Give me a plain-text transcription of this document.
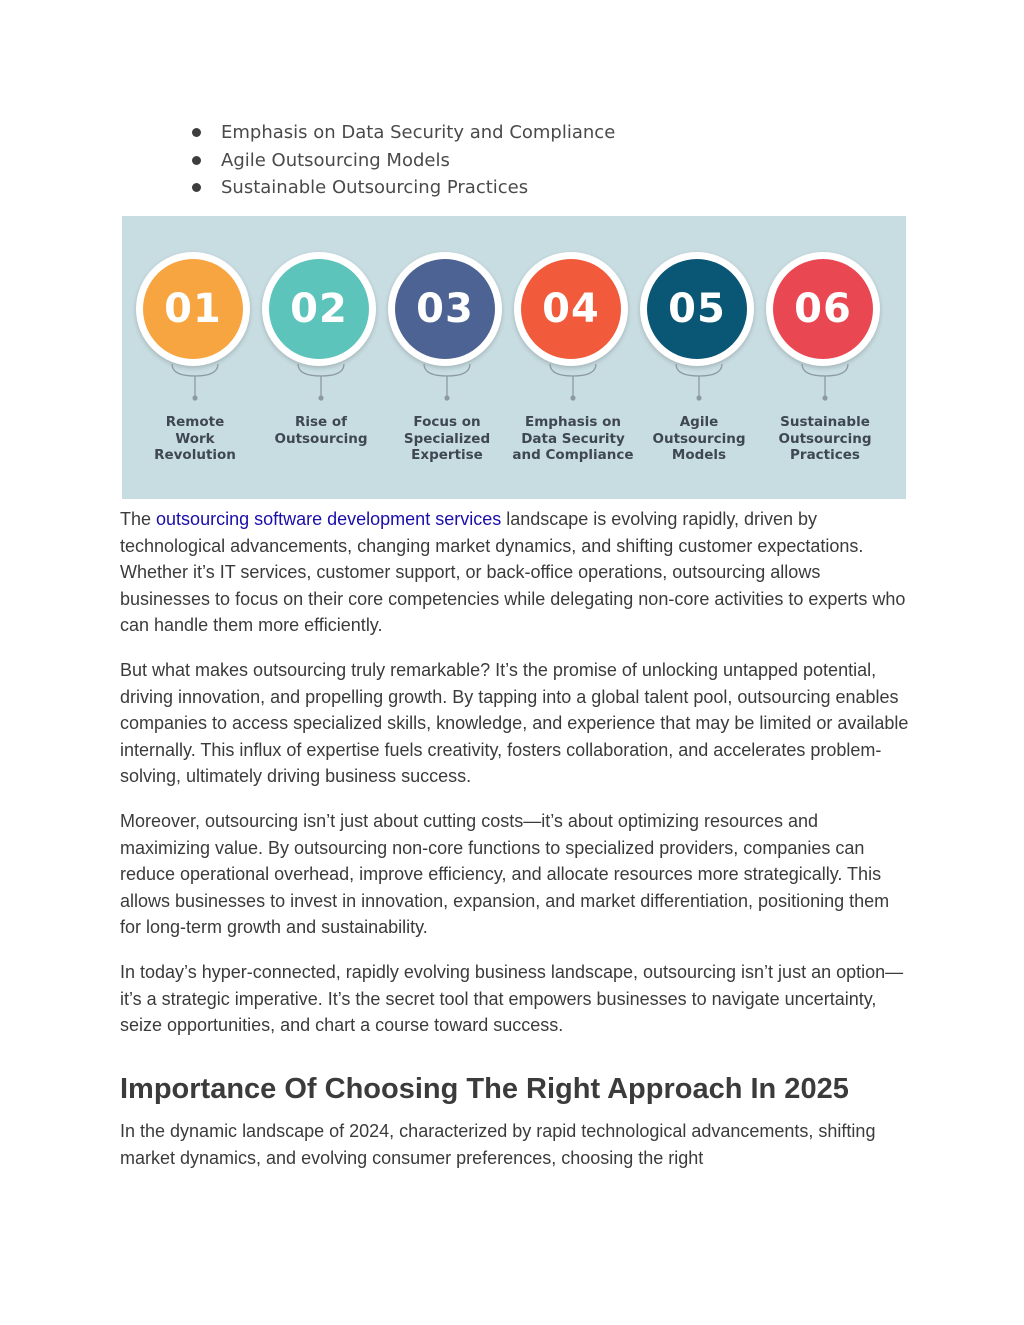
Emphasis on Data Security and Compliance
Agile Outsourcing Models
Sustainable Outsourcing Practices
01
Remote
Work
Revolution
02
Rise of
Outsourcing
03
Focus on
Specialized
Expertise
04
Emphasis on
Data Security
and Compliance
05
Agile
Outsourcing
Models
06
Sustainable
Outsourcing
Practices

The outsourcing software development services landscape is evolving rapidly, driven by technological advancements, changing market dynamics, and shifting customer expectations. Whether it’s IT services, customer support, or back-office operations, outsourcing allows businesses to focus on their core competencies while delegating non-core activities to experts who can handle them more efficiently.

But what makes outsourcing truly remarkable? It’s the promise of unlocking untapped potential, driving innovation, and propelling growth. By tapping into a global talent pool, outsourcing enables companies to access specialized skills, knowledge, and experience that may be limited or available internally. This influx of expertise fuels creativity, fosters collaboration, and accelerates problem-solving, ultimately driving business success.

Moreover, outsourcing isn’t just about cutting costs—it’s about optimizing resources and maximizing value. By outsourcing non-core functions to specialized providers, companies can reduce operational overhead, improve efficiency, and allocate resources more strategically. This allows businesses to invest in innovation, expansion, and market differentiation, positioning them for long-term growth and sustainability.

In today’s hyper-connected, rapidly evolving business landscape, outsourcing isn’t just an option—it’s a strategic imperative. It’s the secret tool that empowers businesses to navigate uncertainty, seize opportunities, and chart a course toward success.

Importance Of Choosing The Right Approach In 2025

In the dynamic landscape of 2024, characterized by rapid technological advancements, shifting market dynamics, and evolving consumer preferences, choosing the right
